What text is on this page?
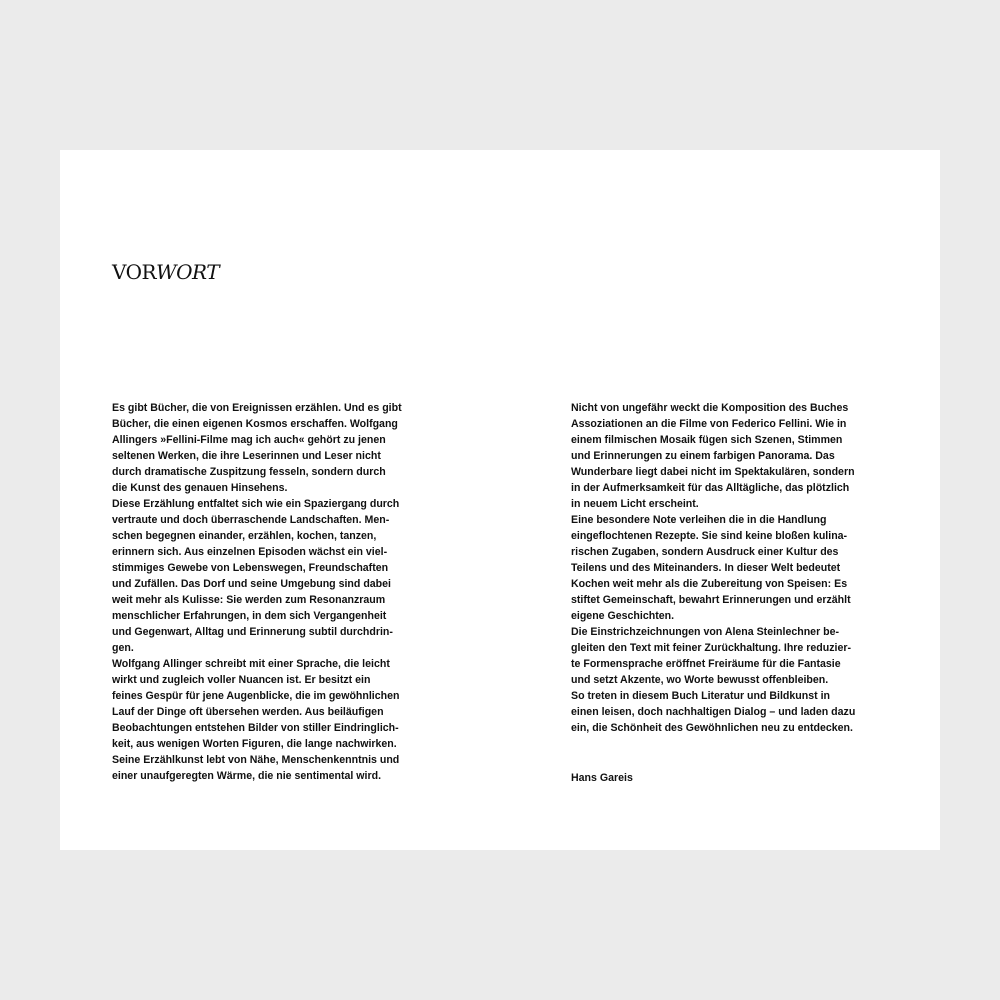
VORWORT

Es gibt Bücher, die von Ereignissen erzählen. Und es gibt
Bücher, die einen eigenen Kosmos erschaffen. Wolfgang
Allingers »Fellini-Filme mag ich auch« gehört zu jenen
seltenen Werken, die ihre Leserinnen und Leser nicht
durch dramatische Zuspitzung fesseln, sondern durch
die Kunst des genauen Hinsehens.

Diese Erzählung entfaltet sich wie ein Spaziergang durch
vertraute und doch überraschende Landschaften. Men-
schen begegnen einander, erzählen, kochen, tanzen,
erinnern sich. Aus einzelnen Episoden wächst ein viel-
stimmiges Gewebe von Lebenswegen, Freundschaften
und Zufällen. Das Dorf und seine Umgebung sind dabei
weit mehr als Kulisse: Sie werden zum Resonanzraum
menschlicher Erfahrungen, in dem sich Vergangenheit
und Gegenwart, Alltag und Erinnerung subtil durchdrin-
gen.

Wolfgang Allinger schreibt mit einer Sprache, die leicht
wirkt und zugleich voller Nuancen ist. Er besitzt ein
feines Gespür für jene Augenblicke, die im gewöhnlichen
Lauf der Dinge oft übersehen werden. Aus beiläufigen
Beobachtungen entstehen Bilder von stiller Eindringlich-
keit, aus wenigen Worten Figuren, die lange nachwirken.
Seine Erzählkunst lebt von Nähe, Menschenkenntnis und
einer unaufgeregten Wärme, die nie sentimental wird.

Nicht von ungefähr weckt die Komposition des Buches
Assoziationen an die Filme von Federico Fellini. Wie in
einem filmischen Mosaik fügen sich Szenen, Stimmen
und Erinnerungen zu einem farbigen Panorama. Das
Wunderbare liegt dabei nicht im Spektakulären, sondern
in der Aufmerksamkeit für das Alltägliche, das plötzlich
in neuem Licht erscheint.

Eine besondere Note verleihen die in die Handlung
eingeflochtenen Rezepte. Sie sind keine bloßen kulina-
rischen Zugaben, sondern Ausdruck einer Kultur des
Teilens und des Miteinanders. In dieser Welt bedeutet
Kochen weit mehr als die Zubereitung von Speisen: Es
stiftet Gemeinschaft, bewahrt Erinnerungen und erzählt
eigene Geschichten.

Die Einstrichzeichnungen von Alena Steinlechner be-
gleiten den Text mit feiner Zurückhaltung. Ihre reduzier-
te Formensprache eröffnet Freiräume für die Fantasie
und setzt Akzente, wo Worte bewusst offenbleiben.

So treten in diesem Buch Literatur und Bildkunst in
einen leisen, doch nachhaltigen Dialog – und laden dazu
ein, die Schönheit des Gewöhnlichen neu zu entdecken.

Hans Gareis
